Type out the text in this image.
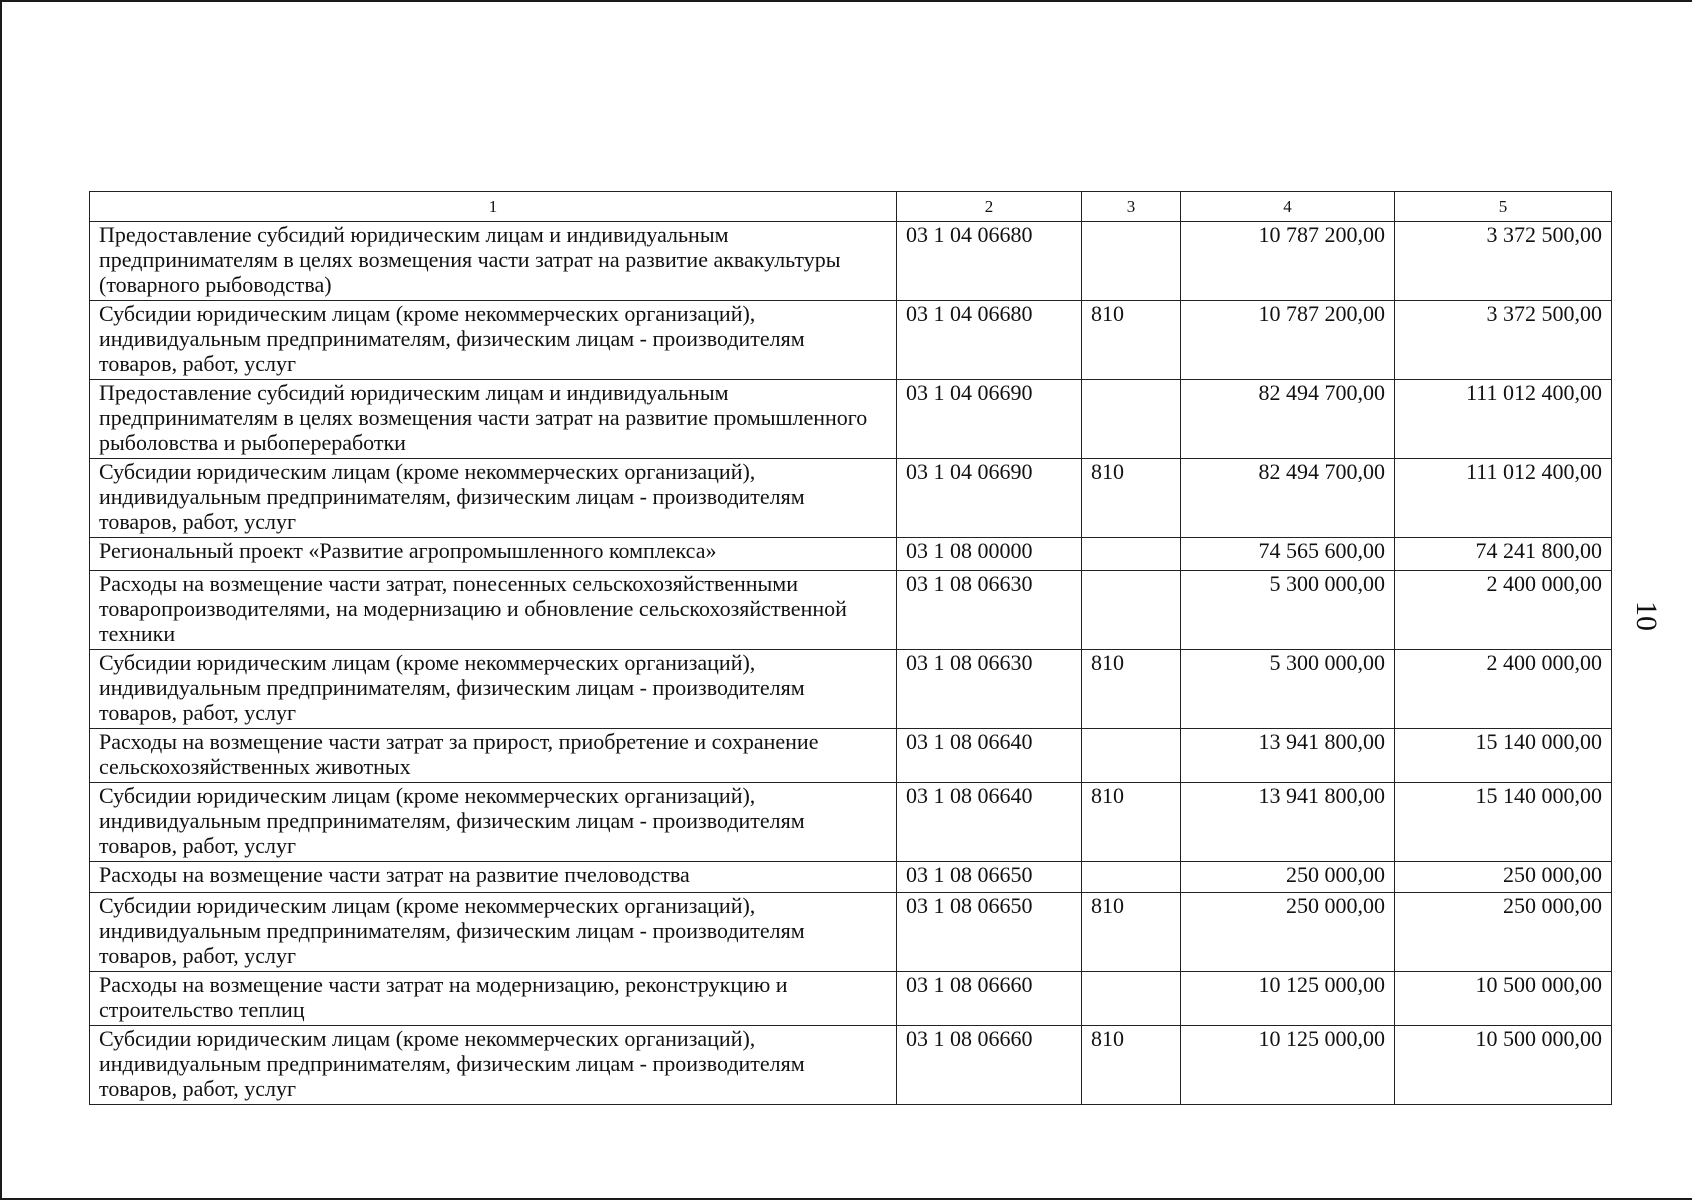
10
1	2	3	4	5
Предоставление субсидий юридическим лицам и индивидуальным предпринимателям в целях возмещения части затрат на развитие аквакультуры (товарного рыбоводства)	03 1 04 06680		10 787 200,00	3 372 500,00
Субсидии юридическим лицам (кроме некоммерческих организаций), индивидуальным предпринимателям, физическим лицам - производителям товаров, работ, услуг	03 1 04 06680	810	10 787 200,00	3 372 500,00
Предоставление субсидий юридическим лицам и индивидуальным предпринимателям в целях возмещения части затрат на развитие промышленного рыболовства и рыбопереработки	03 1 04 06690		82 494 700,00	111 012 400,00
Субсидии юридическим лицам (кроме некоммерческих организаций), индивидуальным предпринимателям, физическим лицам - производителям товаров, работ, услуг	03 1 04 06690	810	82 494 700,00	111 012 400,00
Региональный проект «Развитие агропромышленного комплекса»	03 1 08 00000		74 565 600,00	74 241 800,00
Расходы на возмещение части затрат, понесенных сельскохозяйственными товаропроизводителями, на модернизацию и обновление сельскохозяйственной техники	03 1 08 06630		5 300 000,00	2 400 000,00
Субсидии юридическим лицам (кроме некоммерческих организаций), индивидуальным предпринимателям, физическим лицам - производителям товаров, работ, услуг	03 1 08 06630	810	5 300 000,00	2 400 000,00
Расходы на возмещение части затрат за прирост, приобретение и сохранение сельскохозяйственных животных	03 1 08 06640		13 941 800,00	15 140 000,00
Субсидии юридическим лицам (кроме некоммерческих организаций), индивидуальным предпринимателям, физическим лицам - производителям товаров, работ, услуг	03 1 08 06640	810	13 941 800,00	15 140 000,00
Расходы на возмещение части затрат на развитие пчеловодства	03 1 08 06650		250 000,00	250 000,00
Субсидии юридическим лицам (кроме некоммерческих организаций), индивидуальным предпринимателям, физическим лицам - производителям товаров, работ, услуг	03 1 08 06650	810	250 000,00	250 000,00
Расходы на возмещение части затрат на модернизацию, реконструкцию и строительство теплиц	03 1 08 06660		10 125 000,00	10 500 000,00
Субсидии юридическим лицам (кроме некоммерческих организаций), индивидуальным предпринимателям, физическим лицам - производителям товаров, работ, услуг	03 1 08 06660	810	10 125 000,00	10 500 000,00
